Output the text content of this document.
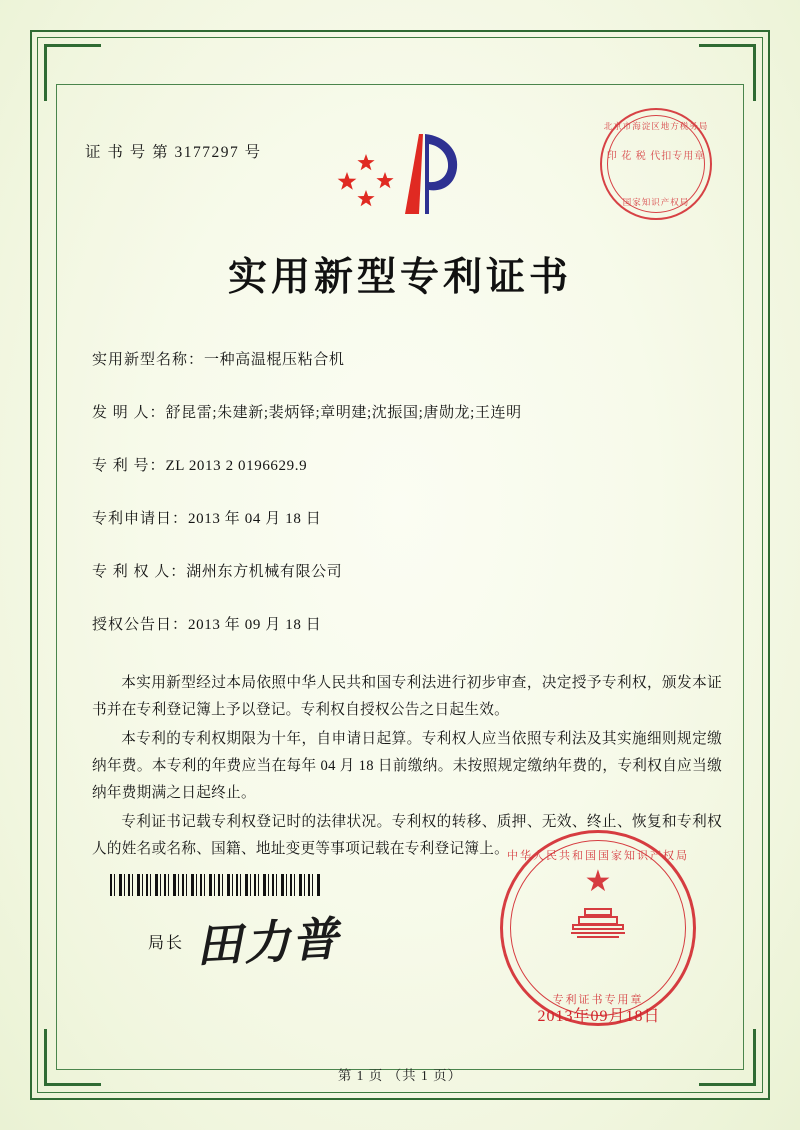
证 书 号 第 3177297 号
北京市海淀区地方税务局
印 花 税 代扣专用章
国家知识产权局
实用新型专利证书
实用新型名称：一种高温棍压粘合机
发 明 人：舒昆雷;朱建新;裴炳铎;章明建;沈振国;唐勋龙;王连明
专 利 号：ZL 2013 2 0196629.9
专利申请日：2013 年 04 月 18 日
专 利 权 人：湖州东方机械有限公司
授权公告日：2013 年 09 月 18 日

本实用新型经过本局依照中华人民共和国专利法进行初步审查，决定授予专利权，颁发本证书并在专利登记簿上予以登记。专利权自授权公告之日起生效。

本专利的专利权期限为十年，自申请日起算。专利权人应当依照专利法及其实施细则规定缴纳年费。本专利的年费应当在每年 04 月 18 日前缴纳。未按照规定缴纳年费的，专利权自应当缴纳年费期满之日起终止。

专利证书记载专利权登记时的法律状况。专利权的转移、质押、无效、终止、恢复和专利权人的姓名或名称、国籍、地址变更等事项记载在专利登记簿上。

局长 田力普
中华人民共和国国家知识产权局
★
专利证书专用章
2013年09月18日
第 1 页 （共 1 页）
